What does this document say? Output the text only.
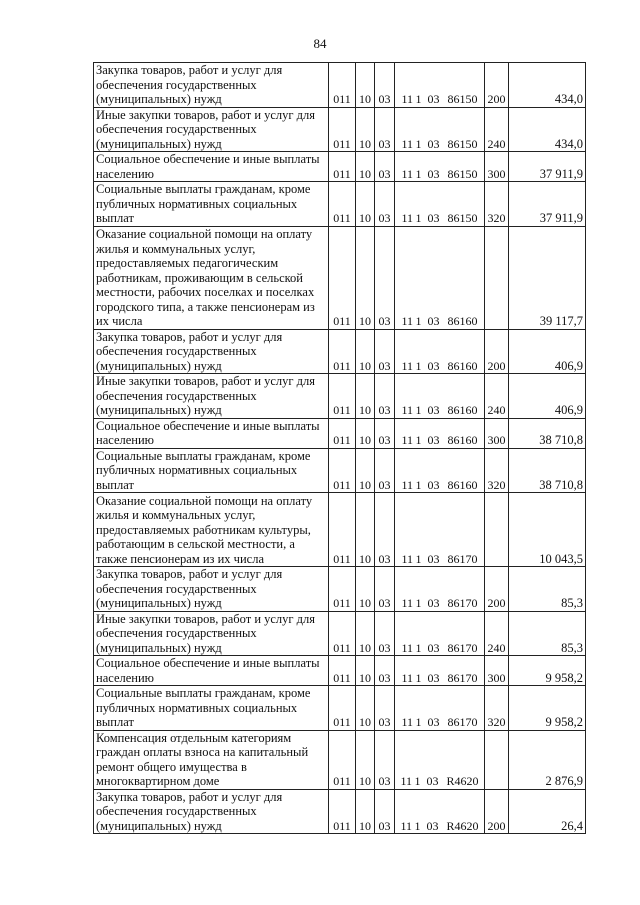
84
Закупка товаров, работ и услуг для обеспечения государственных (муниципальных) нужд	011	10	03	11 1 03 86150	200	434,0
Иные закупки товаров, работ и услуг для обеспечения государственных (муниципальных) нужд	011	10	03	11 1 03 86150	240	434,0
Социальное обеспечение и иные выплаты населению	011	10	03	11 1 03 86150	300	37 911,9
Социальные выплаты гражданам, кроме публичных нормативных социальных выплат	011	10	03	11 1 03 86150	320	37 911,9
Оказание социальной помощи на оплату жилья и коммунальных услуг, предоставляемых педагогическим работникам, проживающим в сельской местности, рабочих поселках и поселках городского типа, а также пенсионерам из их числа	011	10	03	11 1 03 86160		39 117,7
Закупка товаров, работ и услуг для обеспечения государственных (муниципальных) нужд	011	10	03	11 1 03 86160	200	406,9
Иные закупки товаров, работ и услуг для обеспечения государственных (муниципальных) нужд	011	10	03	11 1 03 86160	240	406,9
Социальное обеспечение и иные выплаты населению	011	10	03	11 1 03 86160	300	38 710,8
Социальные выплаты гражданам, кроме публичных нормативных социальных выплат	011	10	03	11 1 03 86160	320	38 710,8
Оказание социальной помощи на оплату жилья и коммунальных услуг, предоставляемых работникам культуры, работающим в сельской местности, а также пенсионерам из их числа	011	10	03	11 1 03 86170		10 043,5
Закупка товаров, работ и услуг для обеспечения государственных (муниципальных) нужд	011	10	03	11 1 03 86170	200	85,3
Иные закупки товаров, работ и услуг для обеспечения государственных (муниципальных) нужд	011	10	03	11 1 03 86170	240	85,3
Социальное обеспечение и иные выплаты населению	011	10	03	11 1 03 86170	300	9 958,2
Социальные выплаты гражданам, кроме публичных нормативных социальных выплат	011	10	03	11 1 03 86170	320	9 958,2
Компенсация отдельным категориям граждан оплаты взноса на капитальный ремонт общего имущества в многоквартирном доме	011	10	03	11 1 03 R4620		2 876,9
Закупка товаров, работ и услуг для обеспечения государственных (муниципальных) нужд	011	10	03	11 1 03 R4620	200	26,4
